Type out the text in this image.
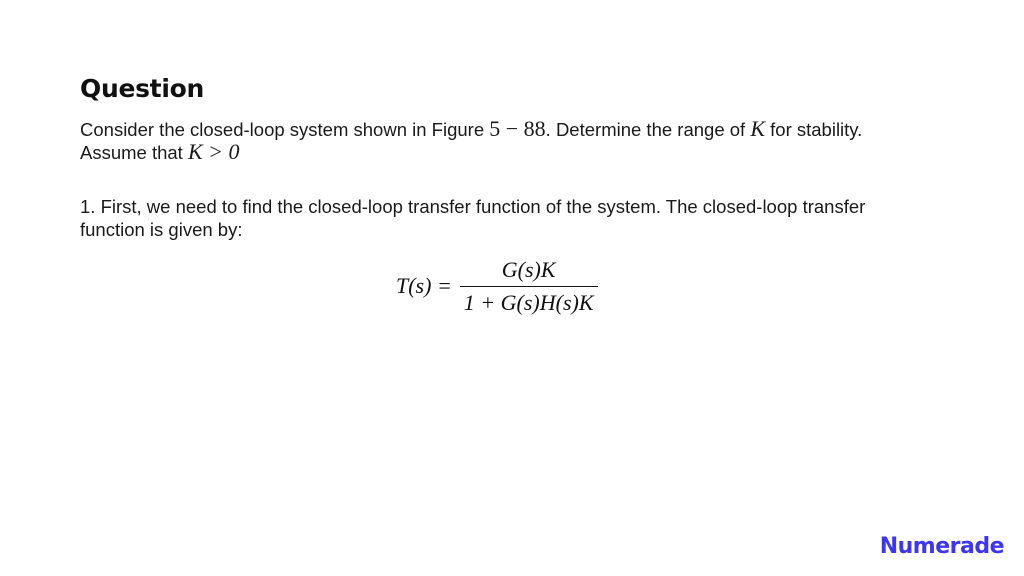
Question
Consider the closed-loop system shown in Figure 5 − 88. Determine the range of K for stability.
Assume that K > 0
1. First, we need to find the closed-loop transfer function of the system. The closed-loop transfer
function is given by:
$T(s) = \frac{G(s)K}{1 + G(s)H(s)K}$
Numerade
